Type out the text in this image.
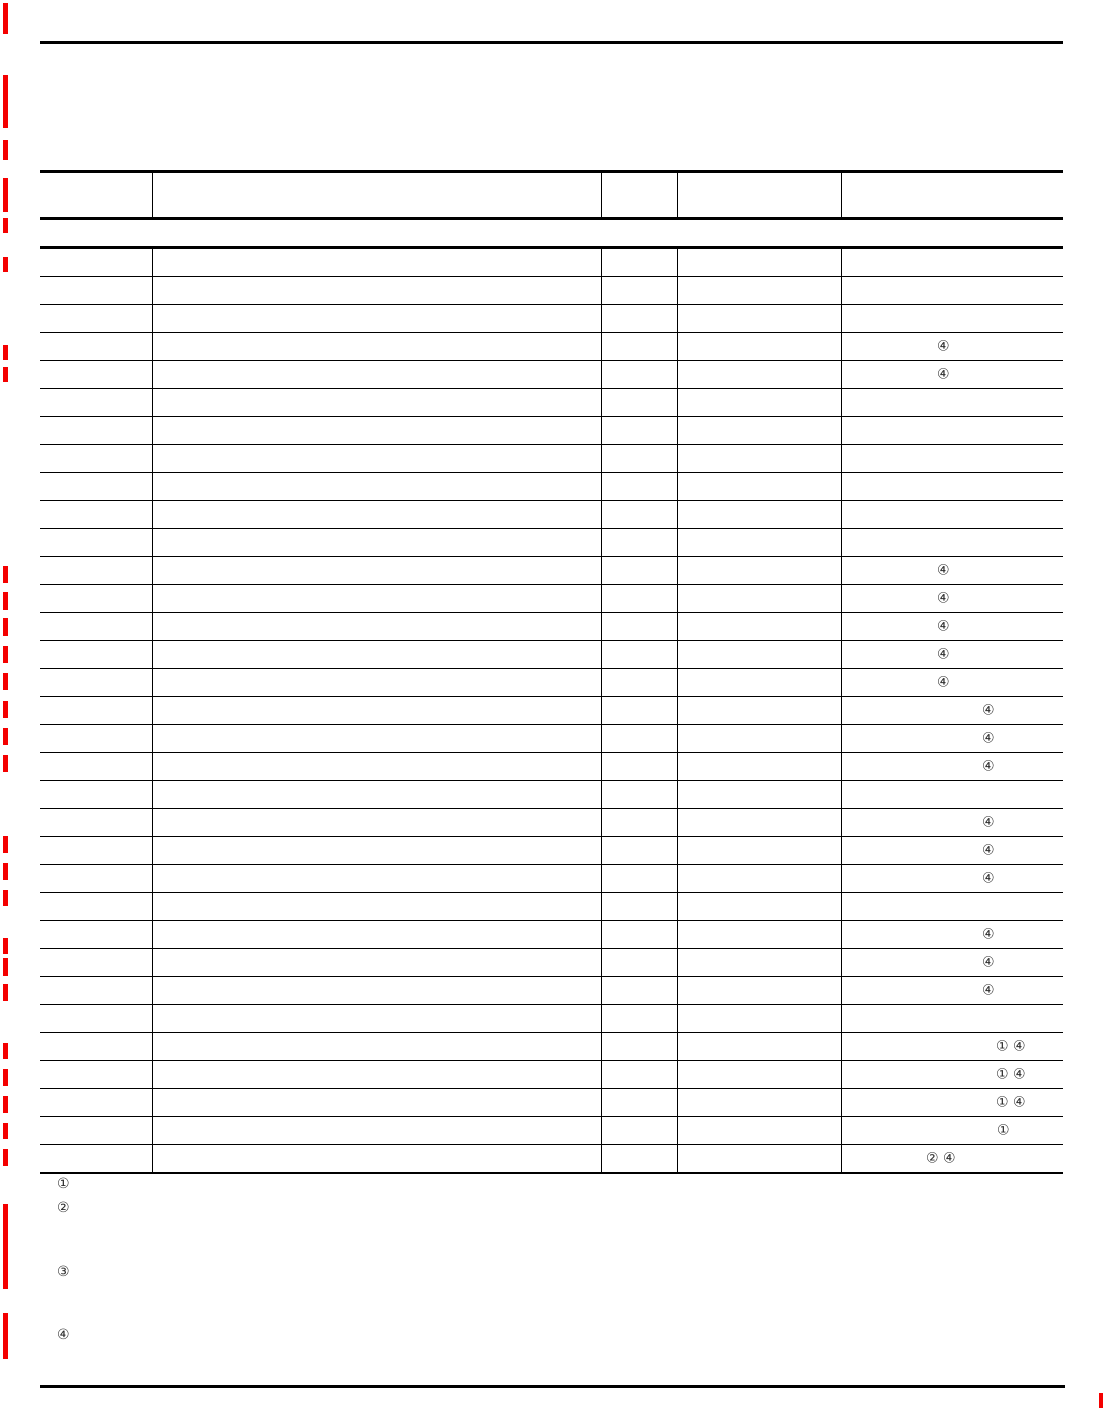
④
④
④
④
④
④
④
④
④
④
④
④
④
④
④
④
① ④
① ④
① ④
①
② ④
①
②
③
④
